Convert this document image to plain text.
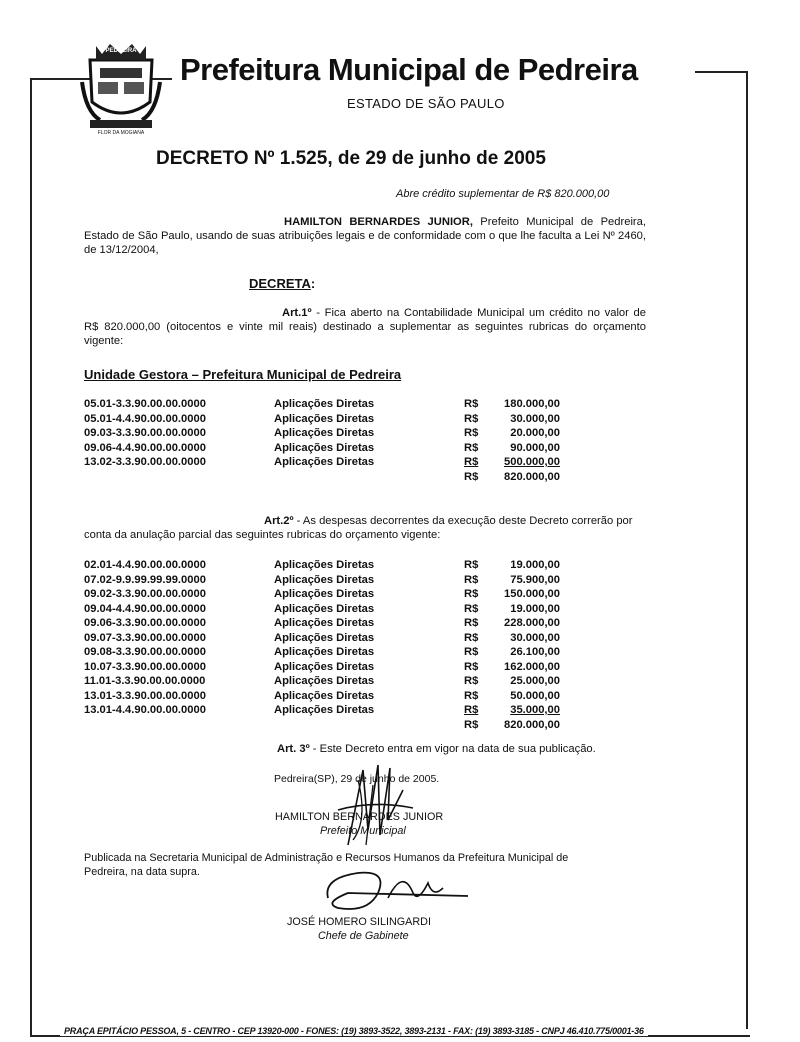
PEDREIRA
FLOR DA MOGIANA
Prefeitura Municipal de Pedreira
ESTADO DE SÃO PAULO
DECRETO Nº 1.525, de 29 de junho de 2005
Abre crédito suplementar de R$ 820.000,00
HAMILTON BERNARDES JUNIOR, Prefeito Municipal de Pedreira, Estado de São Paulo, usando de suas atribuições legais e de conformidade com o que lhe faculta a Lei Nº 2460, de 13/12/2004,
DECRETA:
Art.1º - Fica aberto na Contabilidade Municipal um crédito no valor de R$ 820.000,00 (oitocentos e vinte mil reais) destinado a suplementar as seguintes rubricas do orçamento vigente:
Unidade Gestora – Prefeitura Municipal de Pedreira
05.01-3.3.90.00.00.0000	Aplicações Diretas	R$	180.000,00
05.01-4.4.90.00.00.0000	Aplicações Diretas	R$	30.000,00
09.03-3.3.90.00.00.0000	Aplicações Diretas	R$	20.000,00
09.06-4.4.90.00.00.0000	Aplicações Diretas	R$	90.000,00
13.02-3.3.90.00.00.0000	Aplicações Diretas	R$	500.000,00
		R$	820.000,00
Art.2º - As despesas decorrentes da execução deste Decreto correrão por conta da anulação parcial das seguintes rubricas do orçamento vigente:
02.01-4.4.90.00.00.0000	Aplicações Diretas	R$	19.000,00
07.02-9.9.99.99.99.0000	Aplicações Diretas	R$	75.900,00
09.02-3.3.90.00.00.0000	Aplicações Diretas	R$	150.000,00
09.04-4.4.90.00.00.0000	Aplicações Diretas	R$	19.000,00
09.06-3.3.90.00.00.0000	Aplicações Diretas	R$	228.000,00
09.07-3.3.90.00.00.0000	Aplicações Diretas	R$	30.000,00
09.08-3.3.90.00.00.0000	Aplicações Diretas	R$	26.100,00
10.07-3.3.90.00.00.0000	Aplicações Diretas	R$	162.000,00
11.01-3.3.90.00.00.0000	Aplicações Diretas	R$	25.000,00
13.01-3.3.90.00.00.0000	Aplicações Diretas	R$	50.000,00
13.01-4.4.90.00.00.0000	Aplicações Diretas	R$	35.000,00
		R$	820.000,00
Art. 3º - Este Decreto entra em vigor na data de sua publicação.
Pedreira(SP), 29 de junho de 2005.
HAMILTON BERNARDES JUNIOR
Prefeito Municipal
Publicada na Secretaria Municipal de Administração e Recursos Humanos da Prefeitura Municipal de Pedreira, na data supra.
JOSÉ HOMERO SILINGARDI
Chefe de Gabinete
PRAÇA EPITÁCIO PESSOA, 5 - CENTRO - CEP 13920-000 - FONES: (19) 3893-3522, 3893-2131 - FAX: (19) 3893-3185 - CNPJ 46.410.775/0001-36
